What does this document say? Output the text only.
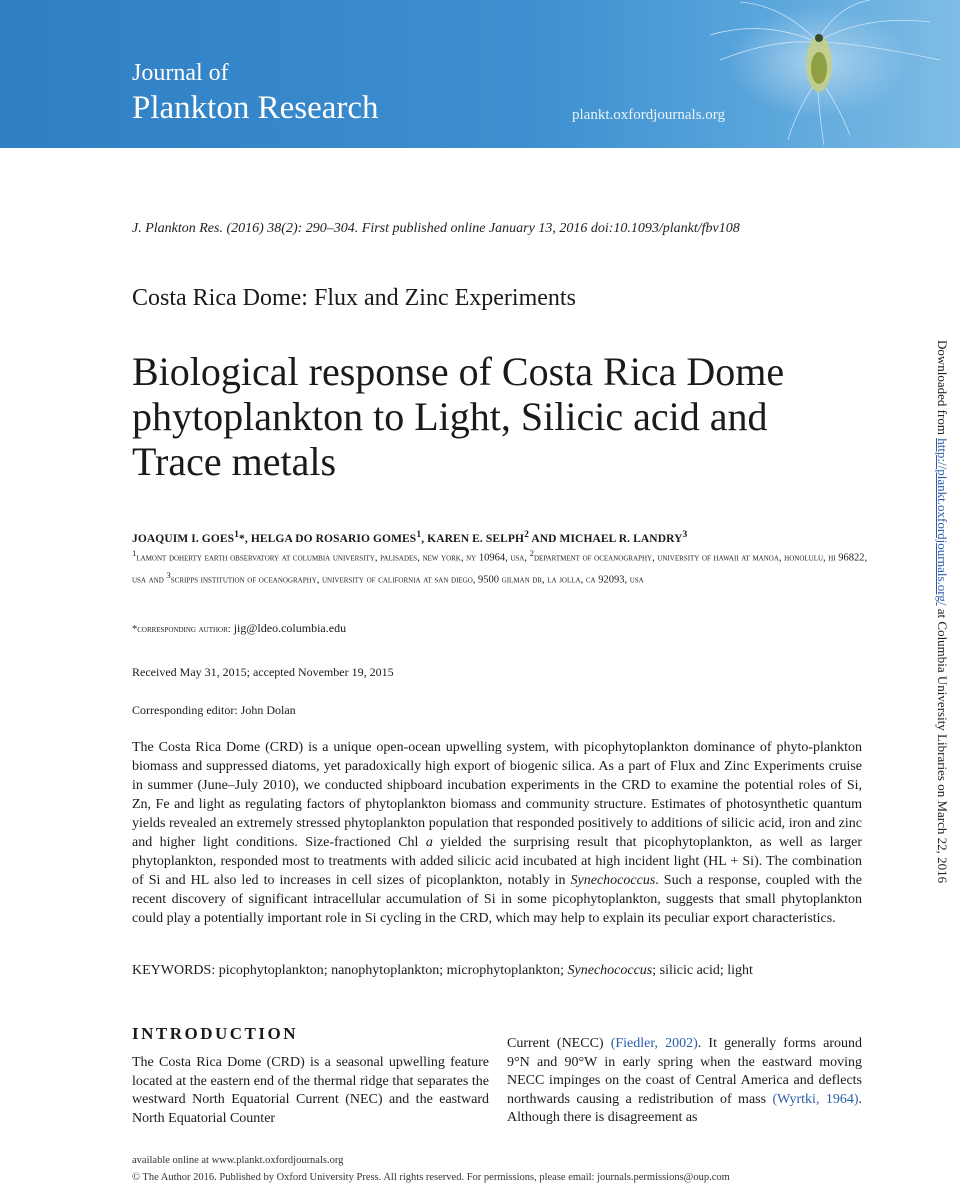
Journal of
Plankton Research	plankt.oxfordjournals.org
J. Plankton Res. (2016) 38(2): 290–304. First published online January 13, 2016 doi:10.1093/plankt/fbv108
Costa Rica Dome: Flux and Zinc Experiments
Biological response of Costa Rica Dome phytoplankton to Light, Silicic acid and Trace metals
JOAQUIM I. GOES$^1$*, HELGA DO ROSARIO GOMES$^1$, KAREN E. SELPH$^2$ AND MICHAEL R. LANDRY$^3$
$^1$lamont doherty earth observatory at columbia university, palisades, new york, ny 10964, usa, $^2$department of oceanography, university of hawaii at manoa, honolulu, hi 96822, usa and $^3$scripps institution of oceanography, university of california at san diego, 9500 gilman dr, la jolla, ca 92093, usa
*corresponding author: jig@ldeo.columbia.edu
Received May 31, 2015; accepted November 19, 2015
Corresponding editor: John Dolan
The Costa Rica Dome (CRD) is a unique open-ocean upwelling system, with picophytoplankton dominance of phyto-plankton biomass and suppressed diatoms, yet paradoxically high export of biogenic silica. As a part of Flux and Zinc Experiments cruise in summer (June–July 2010), we conducted shipboard incubation experiments in the CRD to examine the potential roles of Si, Zn, Fe and light as regulating factors of phytoplankton biomass and community structure. Estimates of photosynthetic quantum yields revealed an extremely stressed phytoplankton population that responded positively to additions of silicic acid, iron and zinc and higher light conditions. Size-fractioned Chl a yielded the surprising result that picophytoplankton, as well as larger phytoplankton, responded most to treatments with added silicic acid incubated at high incident light (HL + Si). The combination of Si and HL also led to increases in cell sizes of picoplankton, notably in Synechococcus. Such a response, coupled with the recent discovery of significant intracellular accumulation of Si in some picophytoplankton, suggests that small phytoplankton could play a potentially important role in Si cycling in the CRD, which may help to explain its peculiar export characteristics.
KEYWORDS: picophytoplankton; nanophytoplankton; microphytoplankton; Synechococcus; silicic acid; light
INTRODUCTION
The Costa Rica Dome (CRD) is a seasonal upwelling feature located at the eastern end of the thermal ridge that separates the westward North Equatorial Current (NEC) and the eastward North Equatorial Counter
Current (NECC) (Fiedler, 2002). It generally forms around 9°N and 90°W in early spring when the eastward moving NECC impinges on the coast of Central America and deflects northwards causing a redistribution of mass (Wyrtki, 1964). Although there is disagreement as
available online at www.plankt.oxfordjournals.org
© The Author 2016. Published by Oxford University Press. All rights reserved. For permissions, please email: journals.permissions@oup.com
Downloaded from http://plankt.oxfordjournals.org/ at Columbia University Libraries on March 22, 2016
